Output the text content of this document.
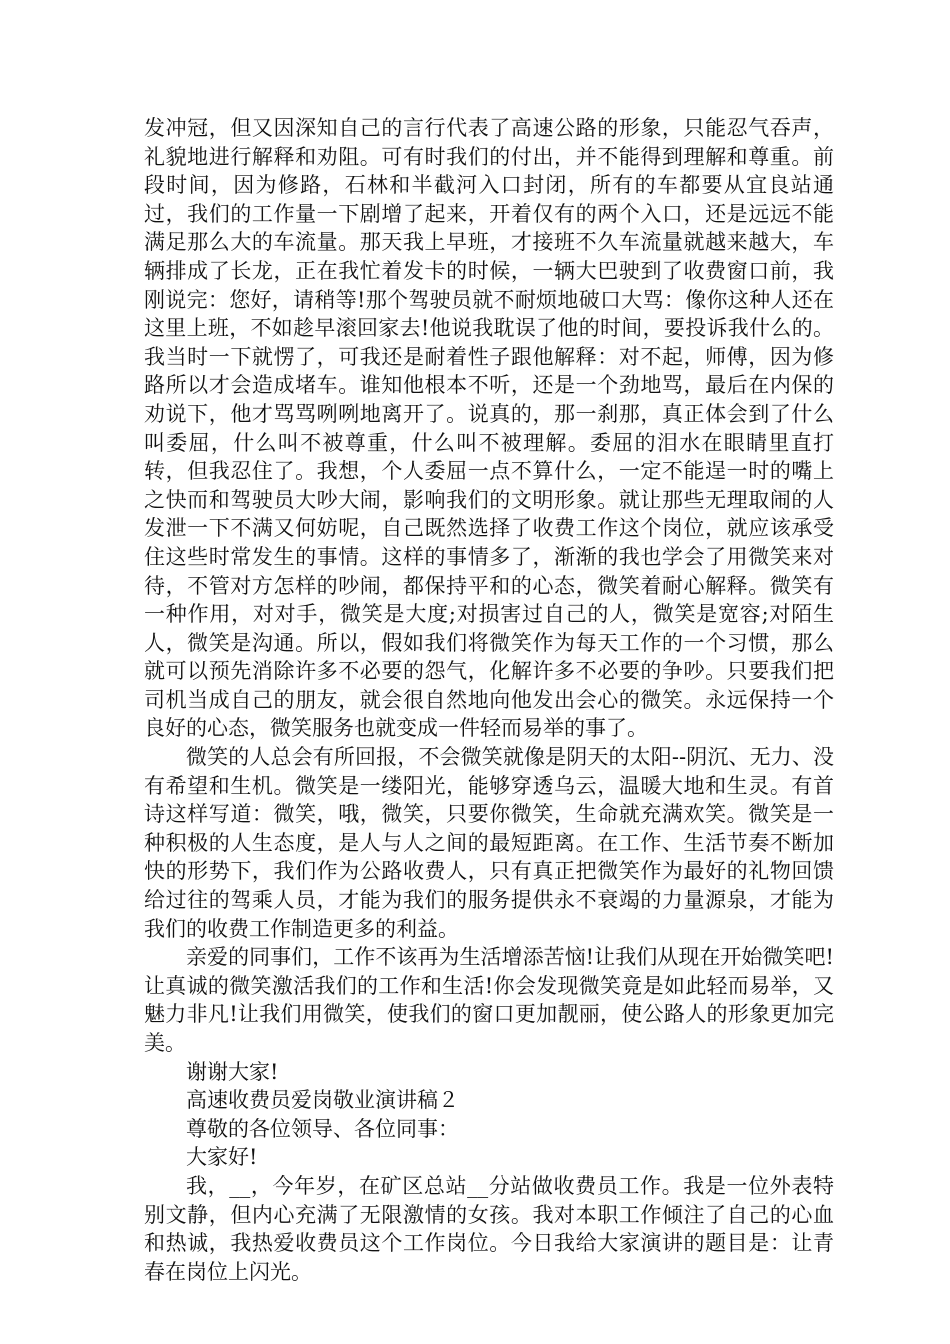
发冲冠，但又因深知自己的言行代表了高速公路的形象，只能忍气吞声，礼貌地进行解释和劝阻。可有时我们的付出，并不能得到理解和尊重。前段时间，因为修路，石林和半截河入口封闭，所有的车都要从宜良站通过，我们的工作量一下剧增了起来，开着仅有的两个入口，还是远远不能满足那么大的车流量。那天我上早班，才接班不久车流量就越来越大，车辆排成了长龙，正在我忙着发卡的时候，一辆大巴驶到了收费窗口前，我刚说完：您好，请稍等!那个驾驶员就不耐烦地破口大骂：像你这种人还在这里上班，不如趁早滚回家去!他说我耽误了他的时间，要投诉我什么的。我当时一下就愣了，可我还是耐着性子跟他解释：对不起，师傅，因为修路所以才会造成堵车。谁知他根本不听，还是一个劲地骂，最后在内保的劝说下，他才骂骂咧咧地离开了。说真的，那一刹那，真正体会到了什么叫委屈，什么叫不被尊重，什么叫不被理解。委屈的泪水在眼睛里直打转，但我忍住了。我想，个人委屈一点不算什么，一定不能逞一时的嘴上之快而和驾驶员大吵大闹，影响我们的文明形象。就让那些无理取闹的人发泄一下不满又何妨呢，自己既然选择了收费工作这个岗位，就应该承受住这些时常发生的事情。这样的事情多了，渐渐的我也学会了用微笑来对待，不管对方怎样的吵闹，都保持平和的心态，微笑着耐心解释。微笑有一种作用，对对手，微笑是大度;对损害过自己的人，微笑是宽容;对陌生人，微笑是沟通。所以，假如我们将微笑作为每天工作的一个习惯，那么就可以预先消除许多不必要的怨气，化解许多不必要的争吵。只要我们把司机当成自己的朋友，就会很自然地向他发出会心的微笑。永远保持一个良好的心态，微笑服务也就变成一件轻而易举的事了。

微笑的人总会有所回报，不会微笑就像是阴天的太阳--阴沉、无力、没有希望和生机。微笑是一缕阳光，能够穿透乌云，温暖大地和生灵。有首诗这样写道：微笑，哦，微笑，只要你微笑，生命就充满欢笑。微笑是一种积极的人生态度，是人与人之间的最短距离。在工作、生活节奏不断加快的形势下，我们作为公路收费人，只有真正把微笑作为最好的礼物回馈给过往的驾乘人员，才能为我们的服务提供永不衰竭的力量源泉，才能为我们的收费工作制造更多的利益。

亲爱的同事们，工作不该再为生活增添苦恼!让我们从现在开始微笑吧!让真诚的微笑激活我们的工作和生活!你会发现微笑竟是如此轻而易举，又魅力非凡!让我们用微笑，使我们的窗口更加靓丽，使公路人的形象更加完美。

谢谢大家!

高速收费员爱岗敬业演讲稿２

尊敬的各位领导、各位同事：

大家好!

我，__，今年岁，在矿区总站__分站做收费员工作。我是一位外表特别文静，但内心充满了无限激情的女孩。我对本职工作倾注了自己的心血和热诚，我热爱收费员这个工作岗位。今日我给大家演讲的题目是：让青春在岗位上闪光。
